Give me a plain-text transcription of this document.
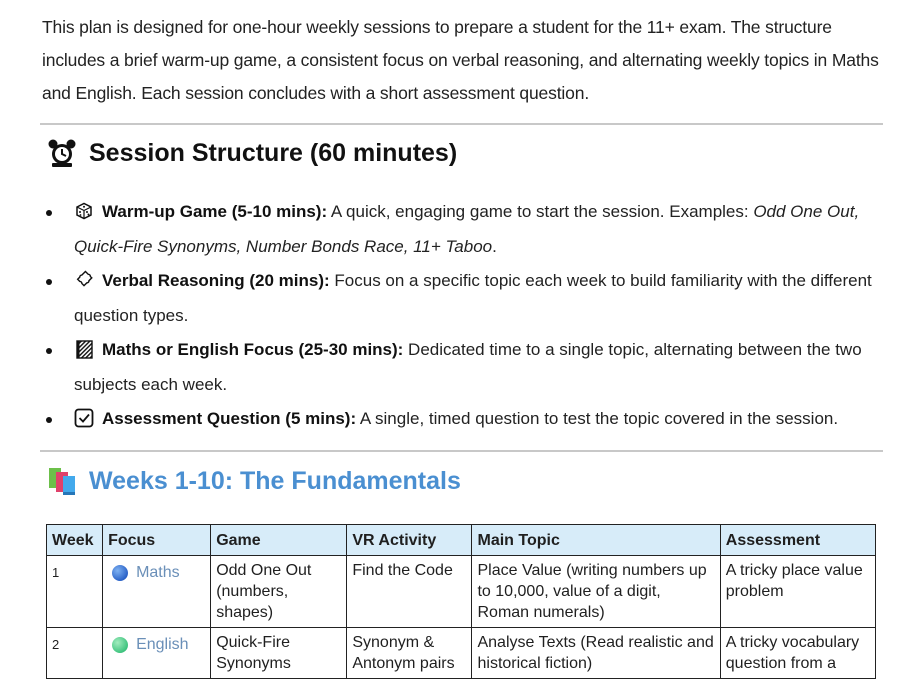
This plan is designed for one-hour weekly sessions to prepare a student for the 11+ exam. The structure includes a brief warm-up game, a consistent focus on verbal reasoning, and alternating weekly topics in Maths and English. Each session concludes with a short assessment question.

Session Structure (60 minutes)
Warm-up Game (5-10 mins): A quick, engaging game to start the session. Examples: Odd One Out, Quick-Fire Synonyms, Number Bonds Race, 11+ Taboo.
Verbal Reasoning (20 mins): Focus on a specific topic each week to build familiarity with the different question types.
Maths or English Focus (25-30 mins): Dedicated time to a single topic, alternating between the two subjects each week.
Assessment Question (5 mins): A single, timed question to test the topic covered in the session.
Weeks 1-10: The Fundamentals
Week	Focus	Game	VR Activity	Main Topic	Assessment
1	Maths	Odd One Out (numbers, shapes)	Find the Code	Place Value (writing numbers up to 10,000, value of a digit, Roman numerals)	A tricky place value problem
2	English	Quick-Fire Synonyms	Synonym & Antonym pairs	Analyse Texts (Read realistic and historical fiction)	A tricky vocabulary question from a
